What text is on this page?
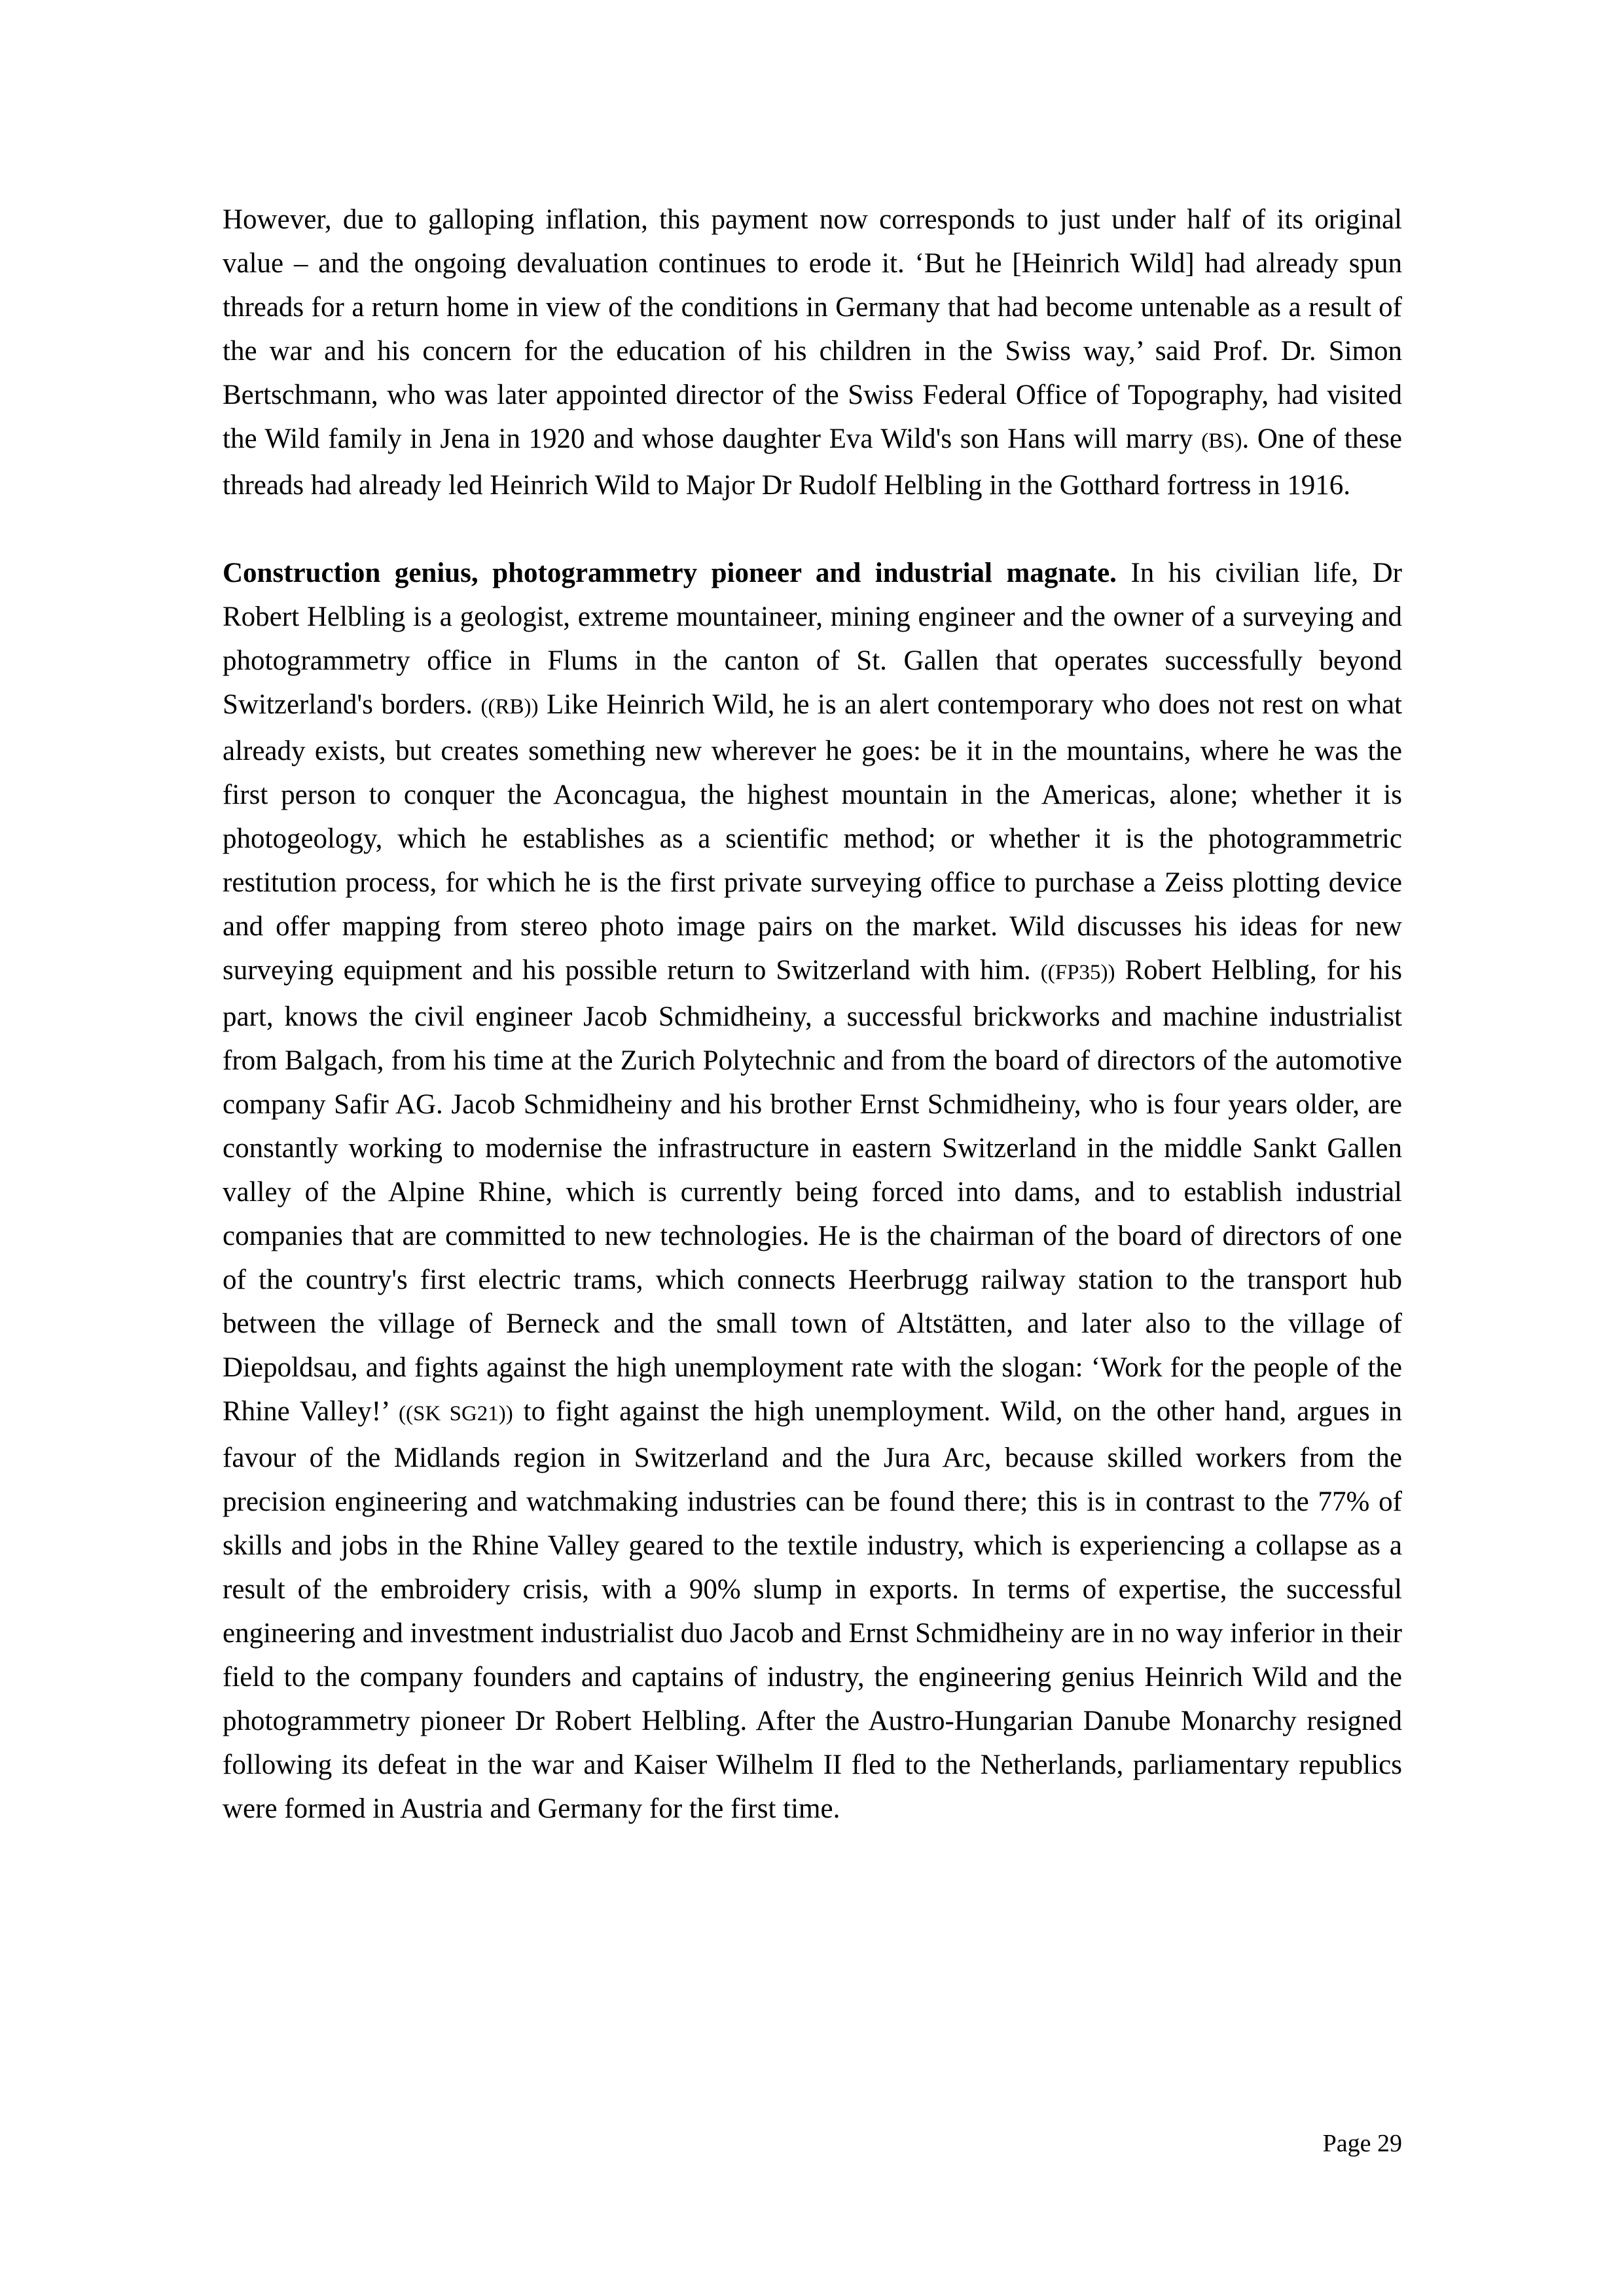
However, due to galloping inflation, this payment now corresponds to just under half of its original value – and the ongoing devaluation continues to erode it. ‘But he [Heinrich Wild] had already spun threads for a return home in view of the conditions in Germany that had become untenable as a result of the war and his concern for the education of his children in the Swiss way,’ said Prof. Dr. Simon Bertschmann, who was later appointed director of the Swiss Federal Office of Topography, had visited the Wild family in Jena in 1920 and whose daughter Eva Wild's son Hans will marry (BS). One of these threads had already led Heinrich Wild to Major Dr Rudolf Helbling in the Gotthard fortress in 1916.

Construction genius, photogrammetry pioneer and industrial magnate. In his civilian life, Dr Robert Helbling is a geologist, extreme mountaineer, mining engineer and the owner of a surveying and photogrammetry office in Flums in the canton of St. Gallen that operates successfully beyond Switzerland's borders. ((RB)) Like Heinrich Wild, he is an alert contemporary who does not rest on what already exists, but creates something new wherever he goes: be it in the mountains, where he was the first person to conquer the Aconcagua, the highest mountain in the Americas, alone; whether it is photogeology, which he establishes as a scientific method; or whether it is the photogrammetric restitution process, for which he is the first private surveying office to purchase a Zeiss plotting device and offer mapping from stereo photo image pairs on the market. Wild discusses his ideas for new surveying equipment and his possible return to Switzerland with him. ((FP35)) Robert Helbling, for his part, knows the civil engineer Jacob Schmidheiny, a successful brickworks and machine industrialist from Balgach, from his time at the Zurich Polytechnic and from the board of directors of the automotive company Safir AG. Jacob Schmidheiny and his brother Ernst Schmidheiny, who is four years older, are constantly working to modernise the infrastructure in eastern Switzerland in the middle Sankt Gallen valley of the Alpine Rhine, which is currently being forced into dams, and to establish industrial companies that are committed to new technologies. He is the chairman of the board of directors of one of the country's first electric trams, which connects Heerbrugg railway station to the transport hub between the village of Berneck and the small town of Altstätten, and later also to the village of Diepoldsau, and fights against the high unemployment rate with the slogan: ‘Work for the people of the Rhine Valley!’ ((SK SG21)) to fight against the high unemployment. Wild, on the other hand, argues in favour of the Midlands region in Switzerland and the Jura Arc, because skilled workers from the precision engineering and watchmaking industries can be found there; this is in contrast to the 77% of skills and jobs in the Rhine Valley geared to the textile industry, which is experiencing a collapse as a result of the embroidery crisis, with a 90% slump in exports. In terms of expertise, the successful engineering and investment industrialist duo Jacob and Ernst Schmidheiny are in no way inferior in their field to the company founders and captains of industry, the engineering genius Heinrich Wild and the photogrammetry pioneer Dr Robert Helbling. After the Austro-Hungarian Danube Monarchy resigned following its defeat in the war and Kaiser Wilhelm II fled to the Netherlands, parliamentary republics were formed in Austria and Germany for the first time.

Page 29
